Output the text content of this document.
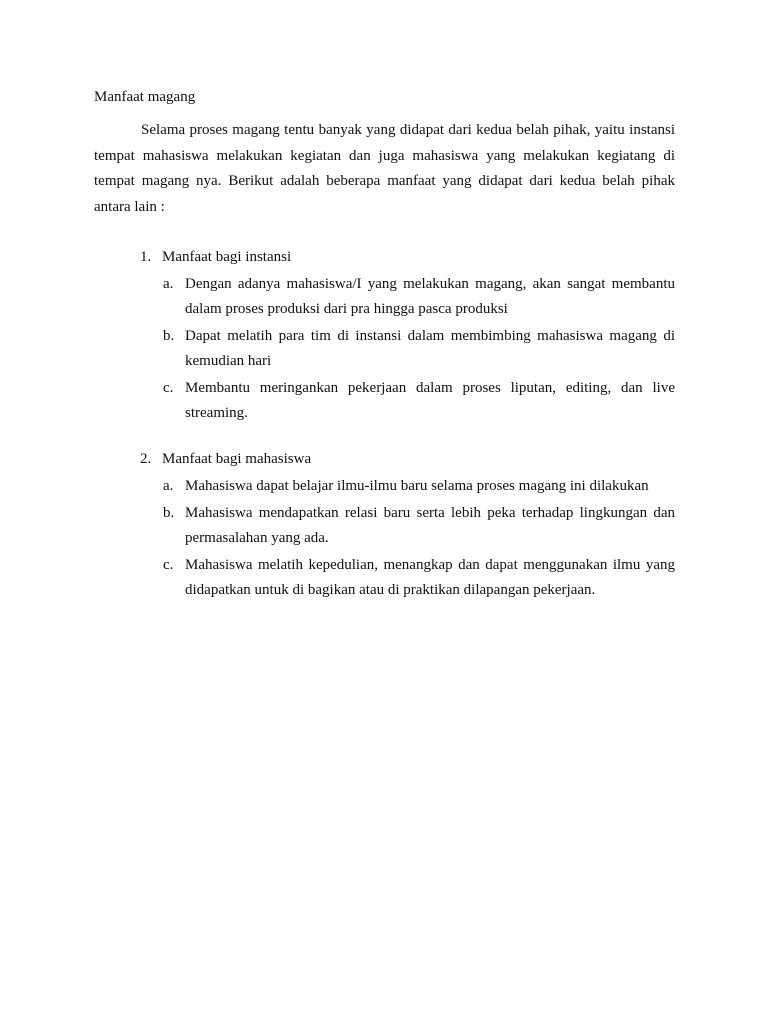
Manfaat magang

Selama proses magang tentu banyak yang didapat dari kedua belah pihak, yaitu instansi tempat mahasiswa melakukan kegiatan dan juga mahasiswa yang melakukan kegiatang di tempat magang nya. Berikut adalah beberapa manfaat yang didapat dari kedua belah pihak antara lain :

1. Manfaat bagi instansi
a. Dengan adanya mahasiswa/I yang melakukan magang, akan sangat membantu dalam proses produksi dari pra hingga pasca produksi

b. Dapat melatih para tim di instansi dalam membimbing mahasiswa magang di kemudian hari

c. Membantu meringankan pekerjaan dalam proses liputan, editing, dan live streaming.

2. Manfaat bagi mahasiswa
a. Mahasiswa dapat belajar ilmu-ilmu baru selama proses magang ini dilakukan

b. Mahasiswa mendapatkan relasi baru serta lebih peka terhadap lingkungan dan permasalahan yang ada.

c. Mahasiswa melatih kepedulian, menangkap dan dapat menggunakan ilmu yang didapatkan untuk di bagikan atau di praktikan dilapangan pekerjaan.
